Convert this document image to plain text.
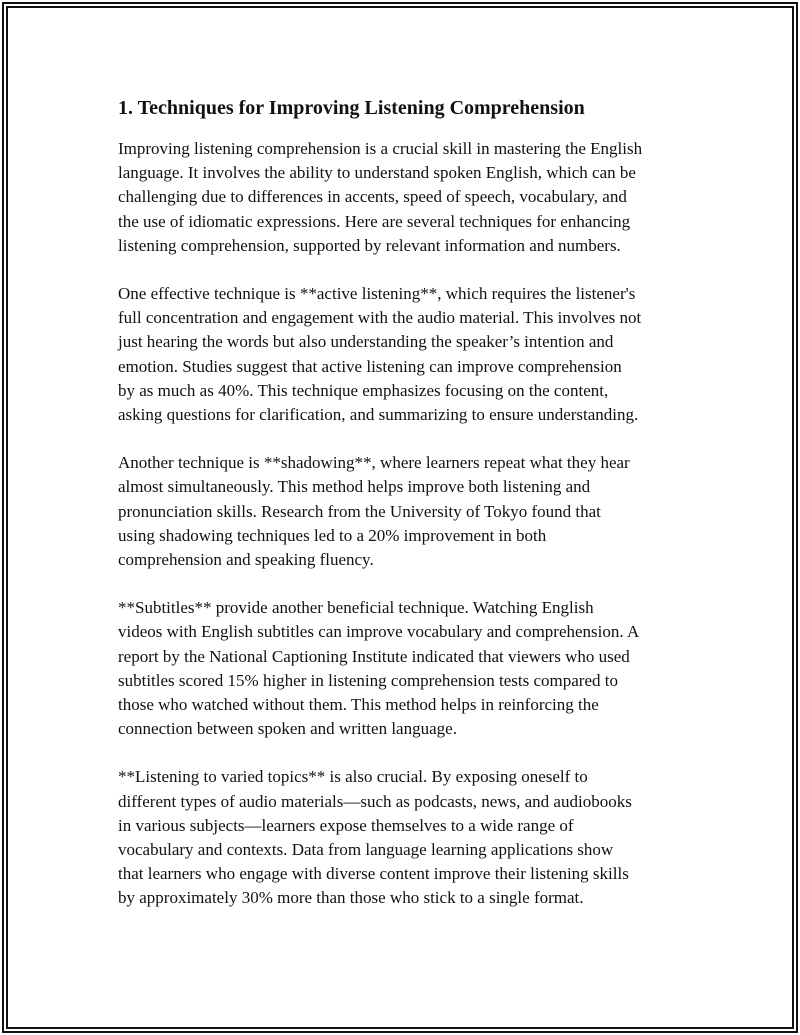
1. Techniques for Improving Listening Comprehension

Improving listening comprehension is a crucial skill in mastering the English
language. It involves the ability to understand spoken English, which can be
challenging due to differences in accents, speed of speech, vocabulary, and
the use of idiomatic expressions. Here are several techniques for enhancing
listening comprehension, supported by relevant information and numbers.

One effective technique is **active listening**, which requires the listener's
full concentration and engagement with the audio material. This involves not
just hearing the words but also understanding the speaker’s intention and
emotion. Studies suggest that active listening can improve comprehension
by as much as 40%. This technique emphasizes focusing on the content,
asking questions for clarification, and summarizing to ensure understanding.

Another technique is **shadowing**, where learners repeat what they hear
almost simultaneously. This method helps improve both listening and
pronunciation skills. Research from the University of Tokyo found that
using shadowing techniques led to a 20% improvement in both
comprehension and speaking fluency.

**Subtitles** provide another beneficial technique. Watching English
videos with English subtitles can improve vocabulary and comprehension. A
report by the National Captioning Institute indicated that viewers who used
subtitles scored 15% higher in listening comprehension tests compared to
those who watched without them. This method helps in reinforcing the
connection between spoken and written language.

**Listening to varied topics** is also crucial. By exposing oneself to
different types of audio materials—such as podcasts, news, and audiobooks
in various subjects—learners expose themselves to a wide range of
vocabulary and contexts. Data from language learning applications show
that learners who engage with diverse content improve their listening skills
by approximately 30% more than those who stick to a single format.
